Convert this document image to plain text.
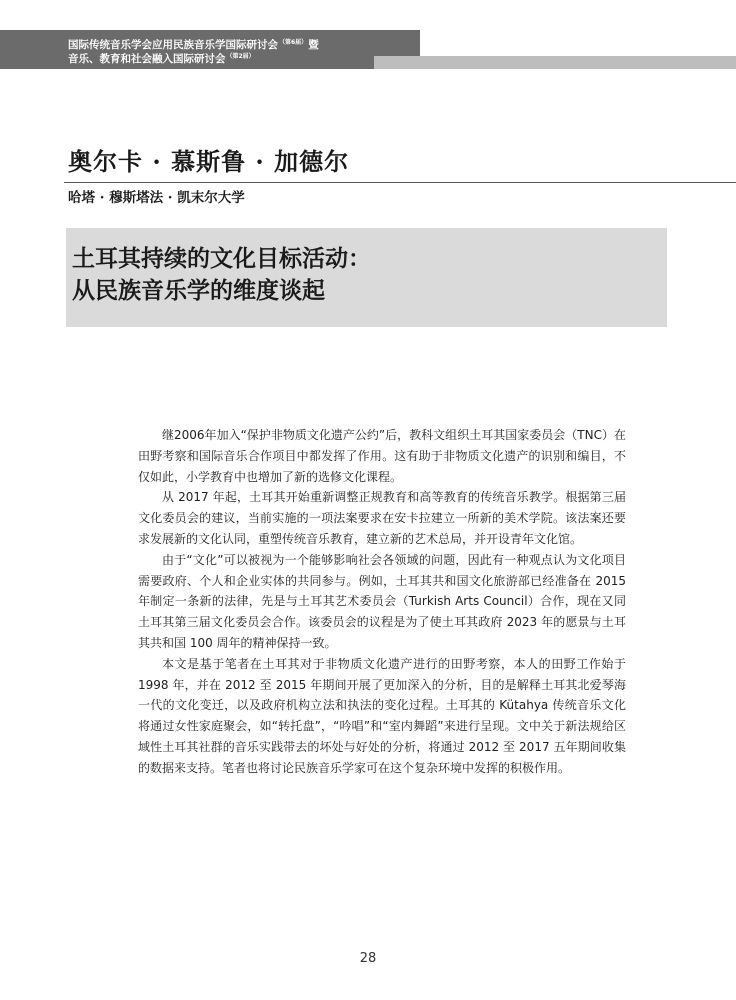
国际传统音乐学会应用民族音乐学国际研讨会$^{(第6届)}$暨
音乐、教育和社会融入国际研讨会$^{(第2届)}$
奥尔卡 · 慕斯鲁 · 加德尔
哈塔 · 穆斯塔法 · 凯末尔大学
土耳其持续的文化目标活动：
从民族音乐学的维度谈起

继2006年加入“保护非物质文化遗产公约”后，教科文组织土耳其国家委员会（TNC）在田野考察和国际音乐合作项目中都发挥了作用。这有助于非物质文化遗产的识别和编目，不仅如此，小学教育中也增加了新的选修文化课程。

从 2017 年起，土耳其开始重新调整正规教育和高等教育的传统音乐教学。根据第三届文化委员会的建议，当前实施的一项法案要求在安卡拉建立一所新的美术学院。该法案还要求发展新的文化认同，重塑传统音乐教育，建立新的艺术总局，并开设青年文化馆。

由于“文化”可以被视为一个能够影响社会各领域的问题，因此有一种观点认为文化项目需要政府、个人和企业实体的共同参与。例如，土耳其共和国文化旅游部已经准备在 2015 年制定一条新的法律，先是与土耳其艺术委员会（Turkish Arts Council）合作，现在又同土耳其第三届文化委员会合作。该委员会的议程是为了使土耳其政府 2023 年的愿景与土耳其共和国 100 周年的精神保持一致。

本文是基于笔者在土耳其对于非物质文化遗产进行的田野考察，本人的田野工作始于 1998 年，并在 2012 至 2015 年期间开展了更加深入的分析，目的是解释土耳其北爱琴海一代的文化变迁，以及政府机构立法和执法的变化过程。土耳其的 Kütahya 传统音乐文化将通过女性家庭聚会，如“转托盘”，“吟唱”和“室内舞蹈”来进行呈现。文中关于新法规给区域性土耳其社群的音乐实践带去的坏处与好处的分析，将通过 2012 至 2017 五年期间收集的数据来支持。笔者也将讨论民族音乐学家可在这个复杂环境中发挥的积极作用。

28
